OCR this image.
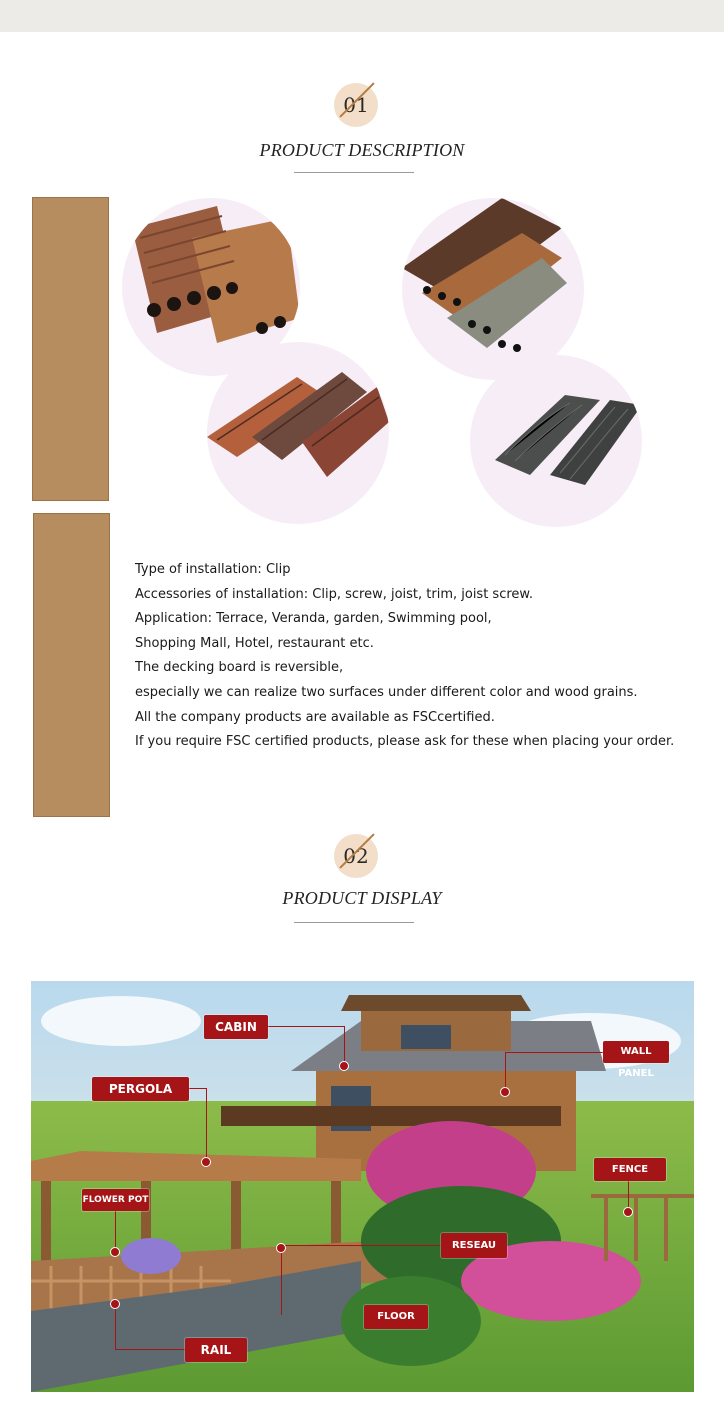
01
PRODUCT DESCRIPTION
Type of installation: Clip
Accessories of installation: Clip, screw, joist, trim, joist screw.
Application: Terrace, Veranda, garden, Swimming pool,
Shopping Mall, Hotel, restaurant etc.
The decking board is reversible,
especially we can realize two surfaces under different color and wood grains.
All the company products are available as FSCcertified.
If you require FSC certified products, please ask for these when placing your order.
02
PRODUCT DISPLAY
CABIN
WALL PANEL
PERGOLA
FENCE
FLOWER POT
RESEAU
FLOOR
RAIL
